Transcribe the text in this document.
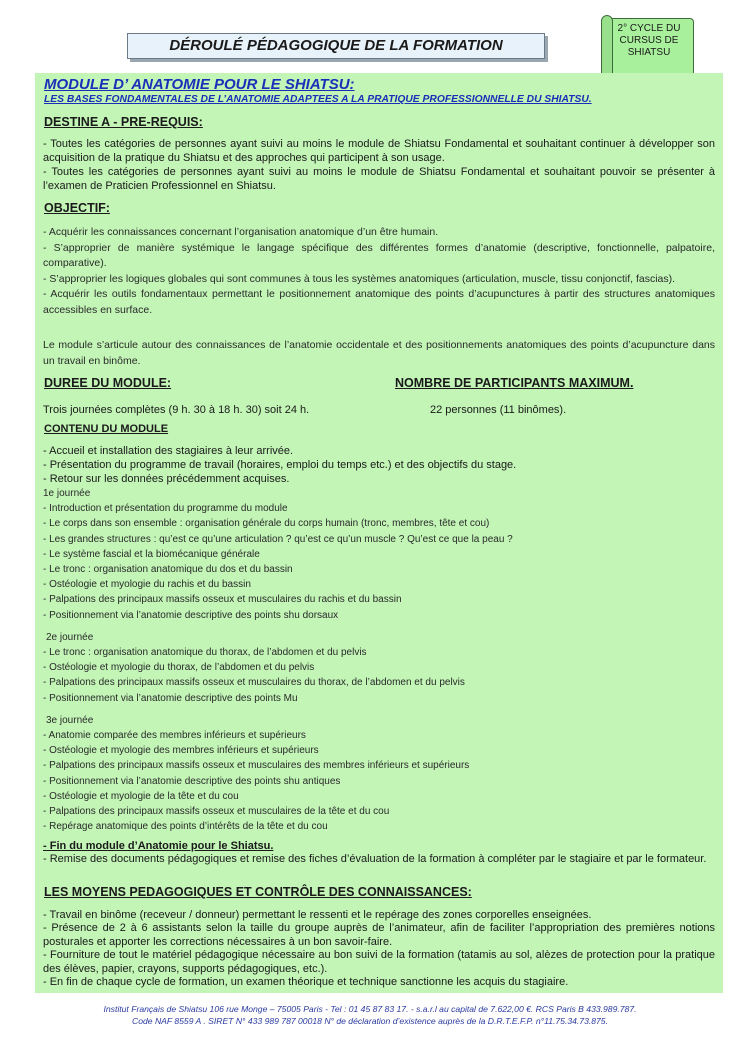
DÉROULÉ PÉDAGOGIQUE DE LA FORMATION
2° CYCLE DU
CURSUS DE
SHIATSU
MODULE D’ ANATOMIE POUR LE SHIATSU:
LES BASES FONDAMENTALES DE L’ANATOMIE ADAPTEES A LA PRATIQUE PROFESSIONNELLE DU SHIATSU.
DESTINE A - PRE-REQUIS:
- Toutes les catégories de personnes ayant suivi au moins le module de Shiatsu Fondamental et souhaitant continuer à développer son acquisition de la pratique du Shiatsu et des approches qui participent à son usage.
- Toutes les catégories de personnes ayant suivi au moins le module de Shiatsu Fondamental et souhaitant pouvoir se présenter à l’examen de Praticien Professionnel en Shiatsu.
OBJECTIF:
- Acquérir les connaissances concernant l’organisation anatomique d’un être humain.
- S’approprier de manière systémique le langage spécifique des différentes formes d’anatomie (descriptive, fonctionnelle, palpatoire, comparative).
- S’approprier les logiques globales qui sont communes à tous les systèmes anatomiques (articulation, muscle, tissu conjonctif, fascias).
- Acquérir les outils fondamentaux permettant le positionnement anatomique des points d’acupunctures à partir des structures anatomiques accessibles en surface.
Le module s’articule autour des connaissances de l’anatomie occidentale et des positionnements anatomiques des points d’acupuncture dans un travail en binôme.
DUREE DU MODULE:	NOMBRE DE PARTICIPANTS MAXIMUM.
Trois journées complètes (9 h. 30 à 18 h. 30) soit 24 h.	22 personnes (11 binômes).
CONTENU DU MODULE
- Accueil et installation des stagiaires à leur arrivée.
- Présentation du programme de travail (horaires, emploi du temps etc.) et des objectifs du stage.
- Retour sur les données précédemment acquises.
1e journée
- Introduction et présentation du programme du module
- Le corps dans son ensemble : organisation générale du corps humain (tronc, membres, tête et cou)
- Les grandes structures : qu’est ce qu’une articulation ? qu’est ce qu’un muscle ? Qu’est ce que la peau ?
- Le système fascial et la biomécanique générale
- Le tronc : organisation anatomique du dos et du bassin
- Ostéologie et myologie du rachis et du bassin
- Palpations des principaux massifs osseux et musculaires du rachis et du bassin
- Positionnement via l’anatomie descriptive des points shu dorsaux
2e journée
- Le tronc : organisation anatomique du thorax, de l’abdomen et du pelvis
- Ostéologie et myologie du thorax, de l’abdomen et du pelvis
- Palpations des principaux massifs osseux et musculaires du thorax, de l’abdomen et du pelvis
- Positionnement via l’anatomie descriptive des points Mu
3e journée
- Anatomie comparée des membres inférieurs et supérieurs
- Ostéologie et myologie des membres inférieurs et supérieurs
- Palpations des principaux massifs osseux et musculaires des membres inférieurs et supérieurs
- Positionnement via l’anatomie descriptive des points shu antiques
- Ostéologie et myologie de la tête et du cou
- Palpations des principaux massifs osseux et musculaires de la tête et du cou
- Repérage anatomique des points d’intérêts de la tête et du cou
- Fin du module d’Anatomie pour le Shiatsu.
- Remise des documents pédagogiques et remise des fiches d’évaluation de la formation à compléter par le stagiaire et par le formateur.
LES MOYENS PEDAGOGIQUES ET CONTRÔLE DES CONNAISSANCES:
- Travail en binôme (receveur / donneur) permettant le ressenti et le repérage des zones corporelles enseignées.
- Présence de 2 à 6 assistants selon la taille du groupe auprès de l’animateur, afin de faciliter l’appropriation des premières notions posturales et apporter les corrections nécessaires à un bon savoir-faire.
- Fourniture de tout le matériel pédagogique nécessaire au bon suivi de la formation (tatamis au sol, alèzes de protection pour la pratique des élèves, papier, crayons, supports pédagogiques, etc.).
- En fin de chaque cycle de formation, un examen théorique et technique sanctionne les acquis du stagiaire.
Institut Français de Shiatsu 106 rue Monge – 75005 Paris - Tel : 01 45 87 83 17. - s.a.r.l au capital de 7.622,00 €. RCS Paris B 433.989.787.
Code NAF 8559 A . SIRET N° 433 989 787 00018 N° de déclaration d’existence auprès de la D.R.T.E.F.P. n°11.75.34.73.875.
